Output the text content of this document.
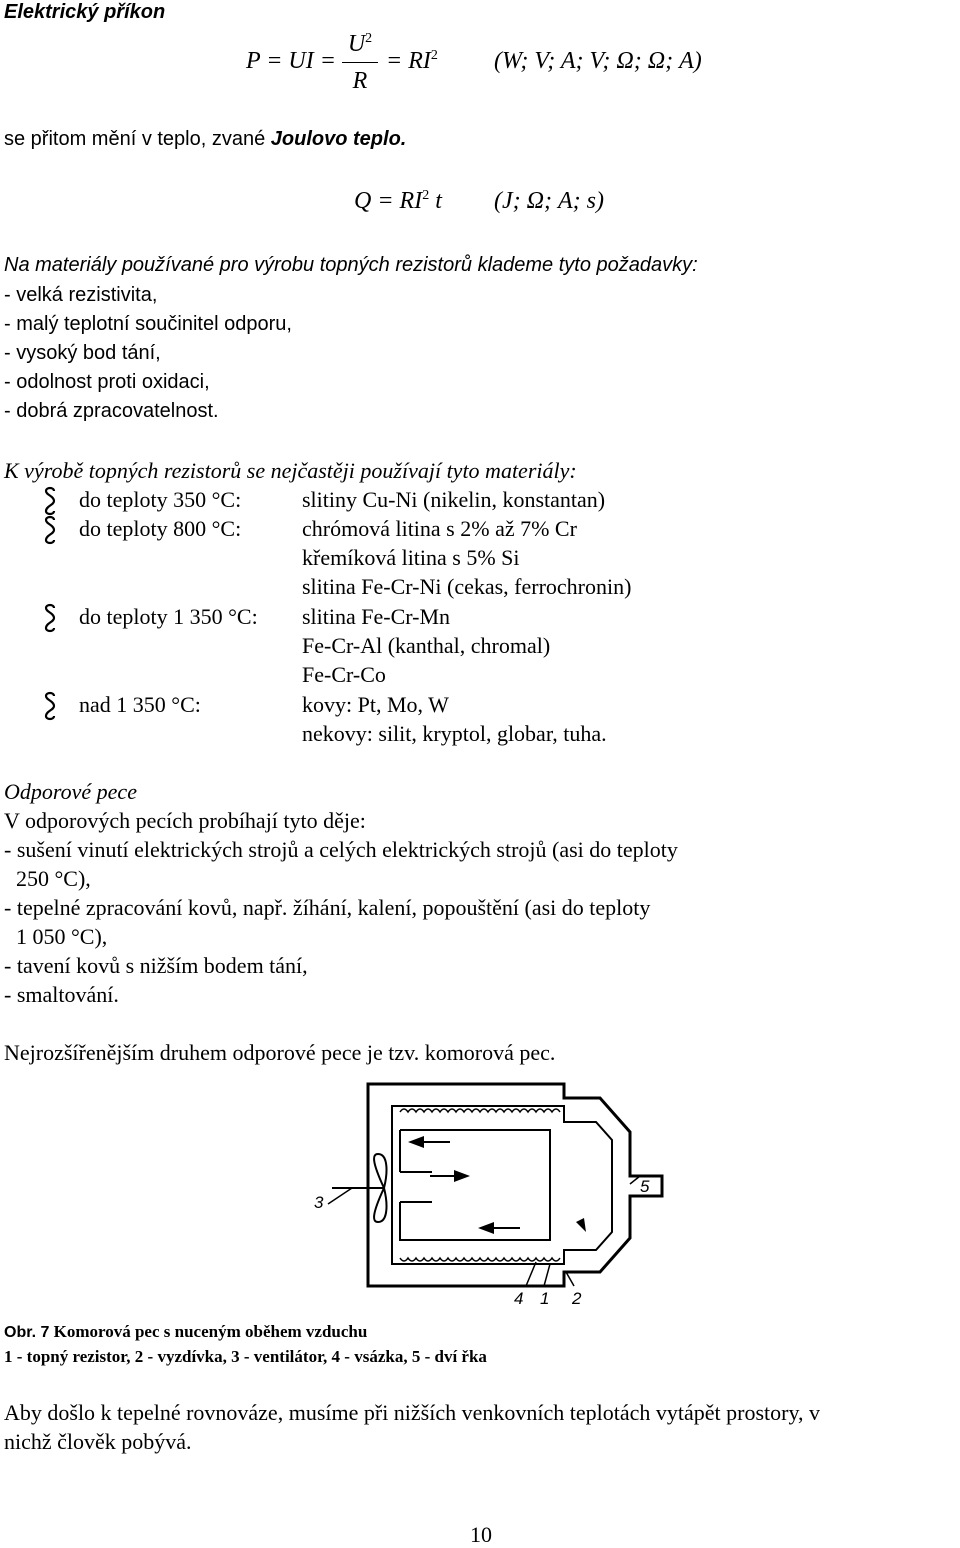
Elektrický příkon
P = UI =
$U^2$
R
= $RI^2$ (W; V; A; V; Ω; Ω; A)
se přitom mění v teplo, zvané Joulovo teplo.
$Q = RI^2$ t (J; Ω; A; s)
Na materiály používané pro výrobu topných rezistorů klademe tyto požadavky:
- velká rezistivita,
- malý teplotní součinitel odporu,
- vysoký bod tání,
- odolnost proti oxidaci,
- dobrá zpracovatelnost.
K výrobě topných rezistorů se nejčastěji používají tyto materiály:
do teploty 350 °C:	slitiny Cu-Ni (nikelin, konstantan)
do teploty 800 °C:	chrómová litina s 2% až 7% Cr
křemíková litina s 5% Si
slitina Fe-Cr-Ni (cekas, ferrochronin)
do teploty 1 350 °C: slitina Fe-Cr-Mn
Fe-Cr-Al (kanthal, chromal)
Fe-Cr-Co
nad 1 350 °C:	kovy: Pt, Mo, W
nekovy: silit, kryptol, globar, tuha.
Odporové pece
V odporových pecích probíhají tyto děje:
- sušení vinutí elektrických strojů a celých elektrických strojů (asi do teploty
250 °C),
- tepelné zpracování kovů, např. žíhání, kalení, popouštění (asi do teploty
1 050 °C),
- tavení kovů s nižším bodem tání,
- smaltování.
Nejrozšířenějším druhem odporové pece je tzv. komorová pec.
3
5
4 1 2
Obr. 7 Komorová pec s nuceným oběhem vzduchu
1 - topný rezistor, 2 - vyzdívka, 3 - ventilátor, 4 - vsázka, 5 - dví řka
Aby došlo k tepelné rovnováze, musíme při nižších venkovních teplotách vytápět prostory, v
nichž člověk pobývá.
10
